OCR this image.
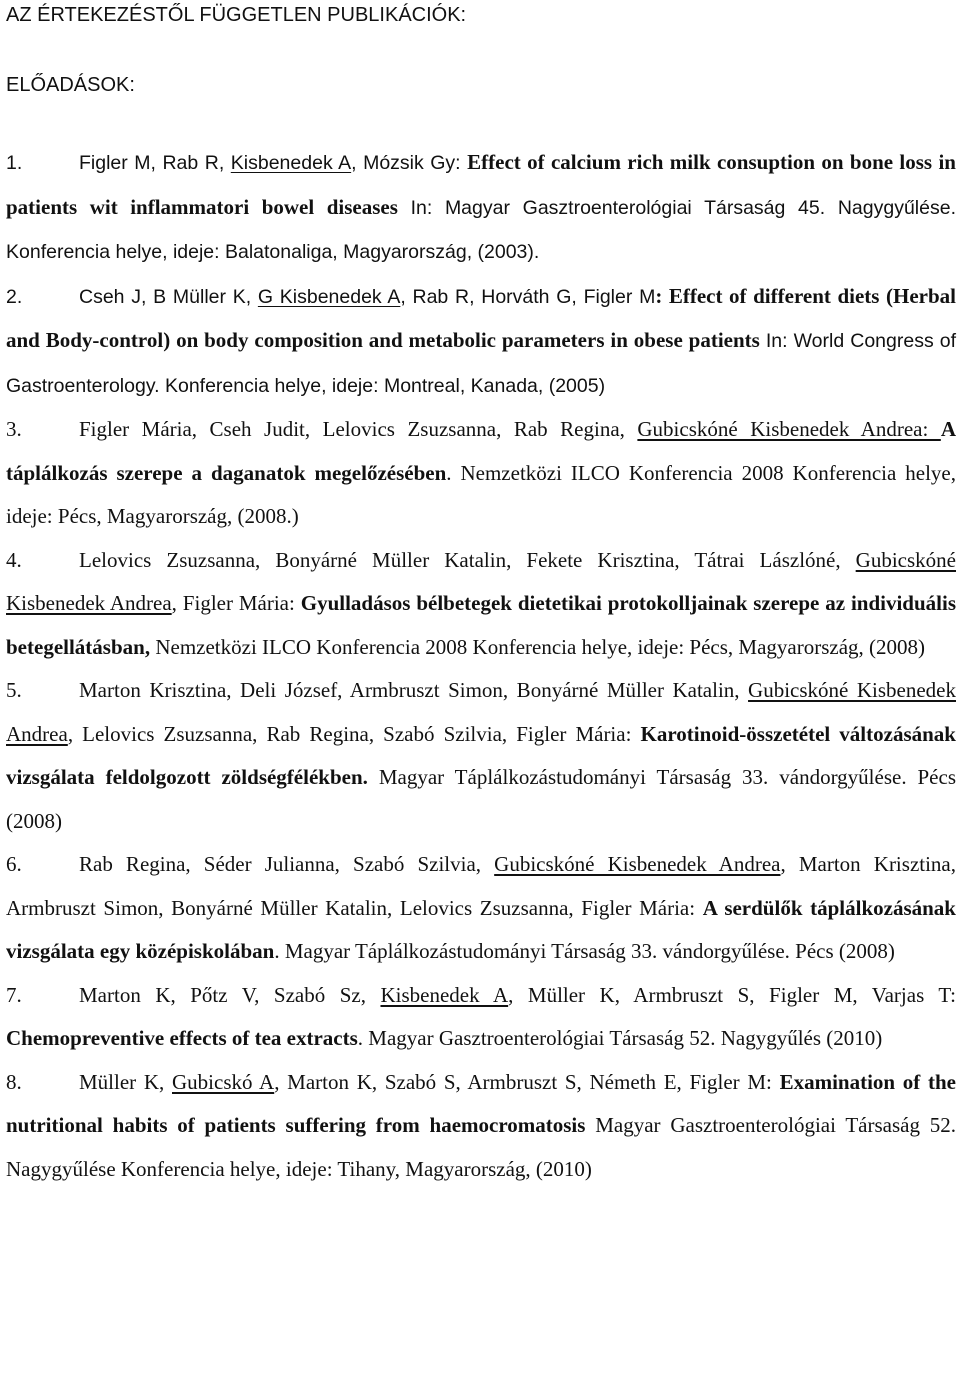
AZ ÉRTEKEZÉSTŐL FÜGGETLEN PUBLIKÁCIÓK:

ELŐADÁSOK:

1.	Figler M, Rab R, Kisbenedek A, Mózsik Gy: Effect of calcium rich milk consuption on bone loss in patients wit inflammatori bowel diseases In: Magyar Gasztroenterológiai Társaság 45. Nagygyűlése. Konferencia helye, ideje: Balatonaliga, Magyarország, (2003).

2.	Cseh J, B Müller K, G Kisbenedek A, Rab R, Horváth G, Figler M: Effect of different diets (Herbal and Body-control) on body composition and metabolic parameters in obese patients In: World Congress of Gastroenterology. Konferencia helye, ideje: Montreal, Kanada, (2005)

3.	Figler Mária, Cseh Judit, Lelovics Zsuzsanna, Rab Regina, Gubicskóné Kisbenedek Andrea: A táplálkozás szerepe a daganatok megelőzésében. Nemzetközi ILCO Konferencia 2008 Konferencia helye, ideje: Pécs, Magyarország, (2008.)

4.	Lelovics Zsuzsanna, Bonyárné Müller Katalin, Fekete Krisztina, Tátrai Lászlóné, Gubicskóné Kisbenedek Andrea, Figler Mária: Gyulladásos bélbetegek dietetikai protokolljainak szerepe az individuális betegellátásban, Nemzetközi ILCO Konferencia 2008 Konferencia helye, ideje: Pécs, Magyarország, (2008)

5.	Marton Krisztina, Deli József, Armbruszt Simon, Bonyárné Müller Katalin, Gubicskóné Kisbenedek Andrea, Lelovics Zsuzsanna, Rab Regina, Szabó Szilvia, Figler Mária: Karotinoid-összetétel változásának vizsgálata feldolgozott zöldségfélékben. Magyar Táplálkozástudományi Társaság 33. vándorgyűlése. Pécs (2008)

6.	Rab Regina, Séder Julianna, Szabó Szilvia, Gubicskóné Kisbenedek Andrea, Marton Krisztina, Armbruszt Simon, Bonyárné Müller Katalin, Lelovics Zsuzsanna, Figler Mária: A serdülők táplálkozásának vizsgálata egy középiskolában. Magyar Táplálkozástudományi Társaság 33. vándorgyűlése. Pécs (2008)

7.	Marton K, Pőtz V, Szabó Sz, Kisbenedek A, Müller K, Armbruszt S, Figler M, Varjas T: Chemopreventive effects of tea extracts. Magyar Gasztroenterológiai Társaság 52. Nagygyűlés (2010)

8.	Müller K, Gubicskó A, Marton K, Szabó S, Armbruszt S, Németh E, Figler M: Examination of the nutritional habits of patients suffering from haemocromatosis Magyar Gasztroenterológiai Társaság 52. Nagygyűlése Konferencia helye, ideje: Tihany, Magyarország, (2010)
